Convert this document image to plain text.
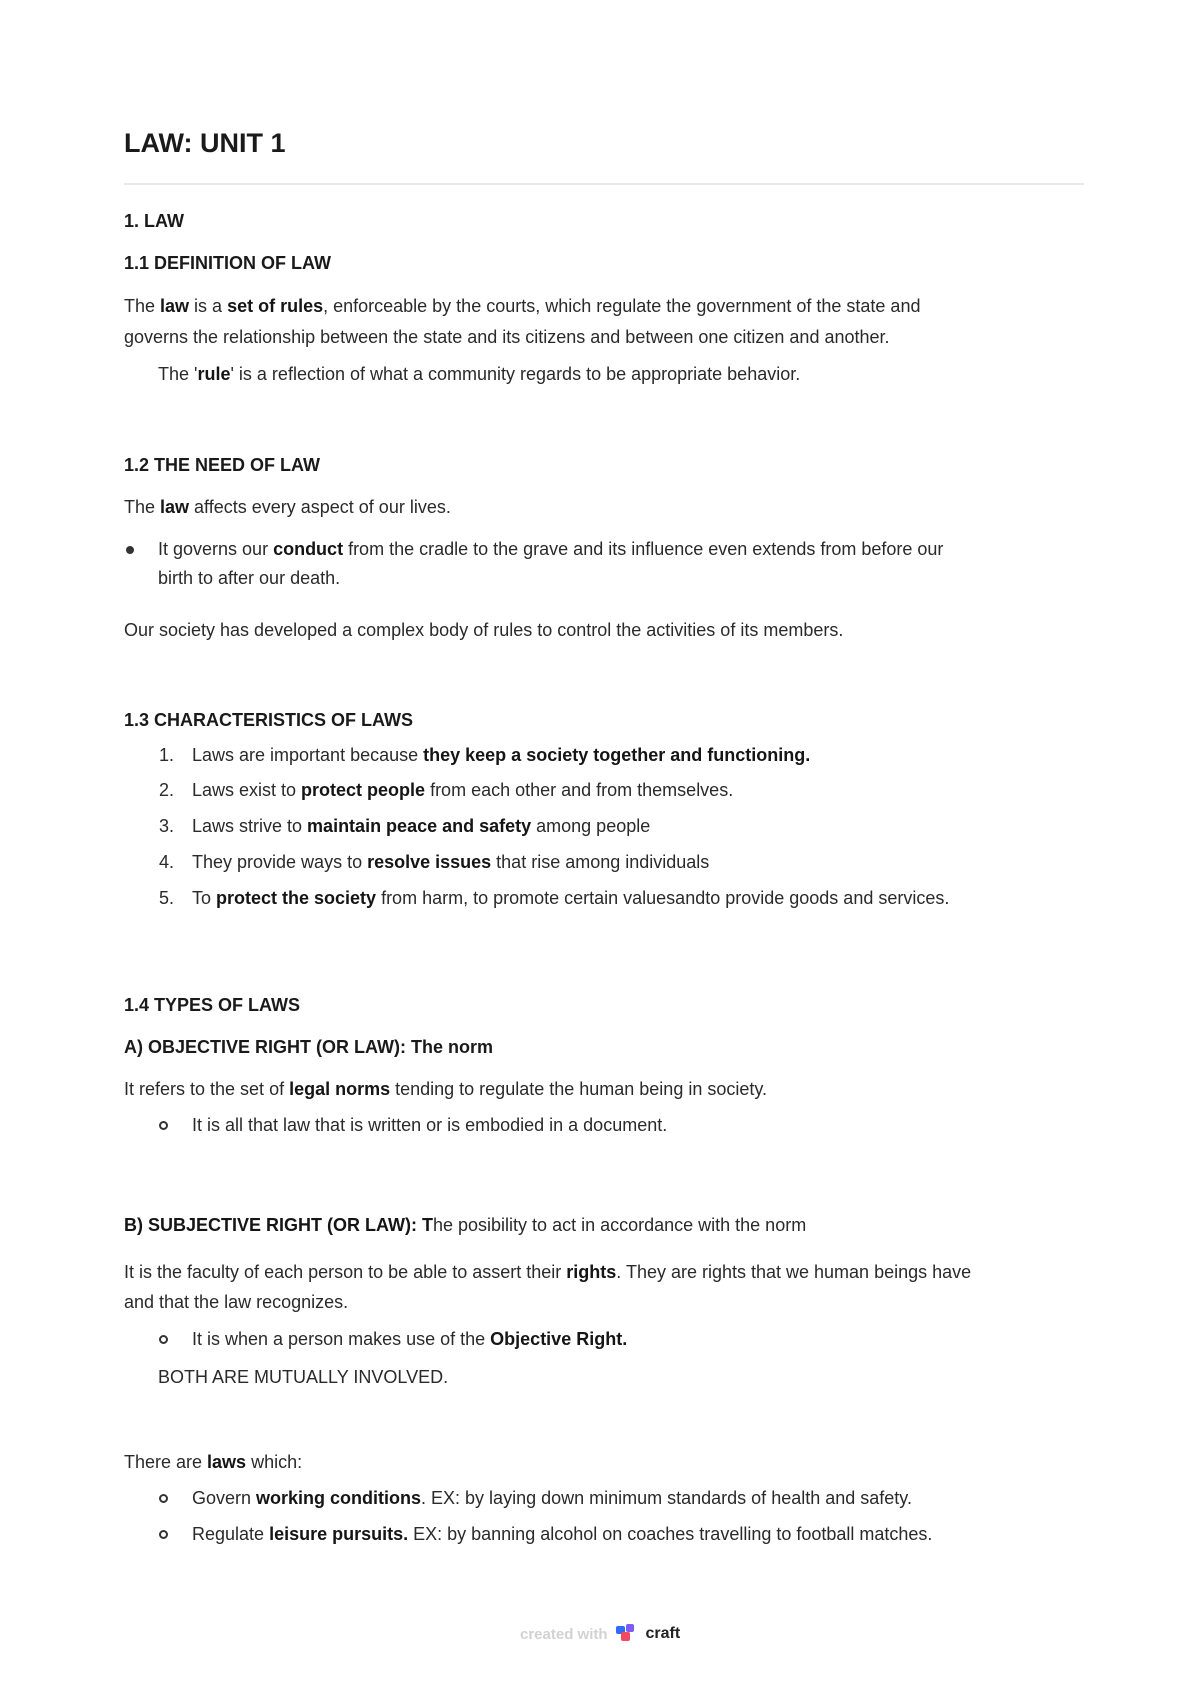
LAW: UNIT 1
1. LAW
1.1 DEFINITION OF LAW
The law is a set of rules, enforceable by the courts, which regulate the government of the state and
governs the relationship between the state and its citizens and between one citizen and another.
The 'rule' is a reflection of what a community regards to be appropriate behavior.
1.2 THE NEED OF LAW
The law affects every aspect of our lives.
It governs our conduct from the cradle to the grave and its influence even extends from before our
birth to after our death.
Our society has developed a complex body of rules to control the activities of its members.
1.3 CHARACTERISTICS OF LAWS
1. Laws are important because they keep a society together and functioning.
2. Laws exist to protect people from each other and from themselves.
3. Laws strive to maintain peace and safety among people
4. They provide ways to resolve issues that rise among individuals
5. To protect the society from harm, to promote certain valuesandto provide goods and services.
1.4 TYPES OF LAWS
A) OBJECTIVE RIGHT (OR LAW): The norm
It refers to the set of legal norms tending to regulate the human being in society.
It is all that law that is written or is embodied in a document.
B) SUBJECTIVE RIGHT (OR LAW): The posibility to act in accordance with the norm
It is the faculty of each person to be able to assert their rights. They are rights that we human beings have
and that the law recognizes.
It is when a person makes use of the Objective Right.
BOTH ARE MUTUALLY INVOLVED.
There are laws which:
Govern working conditions. EX: by laying down minimum standards of health and safety.
Regulate leisure pursuits. EX: by banning alcohol on coaches travelling to football matches.
created with craft
